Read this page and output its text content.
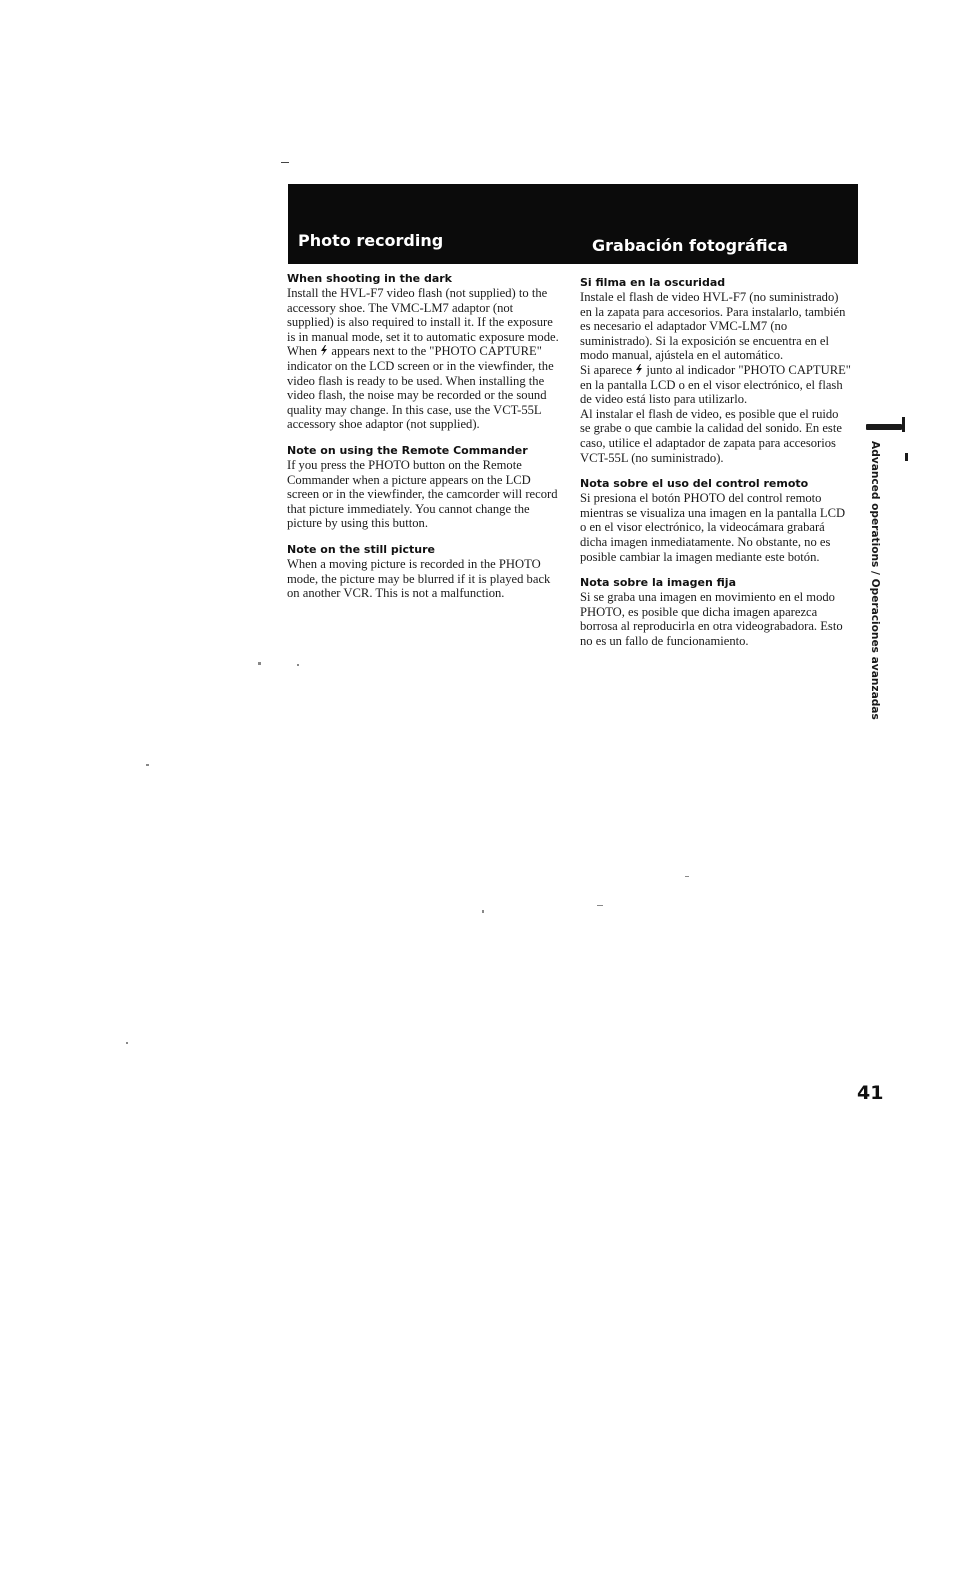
Photo recording	Grabación fotográfica

When shooting in the dark

Install the HVL-F7 video flash (not supplied) to the accessory shoe. The VMC-LM7 adaptor (not supplied) is also required to install it. If the exposure is in manual mode, set it to automatic exposure mode.

When appears next to the "PHOTO CAPTURE" indicator on the LCD screen or in the viewfinder, the video flash is ready to be used. When installing the video flash, the noise may be recorded or the sound quality may change. In this case, use the VCT-55L accessory shoe adaptor (not supplied).

Note on using the Remote Commander

If you press the PHOTO button on the Remote Commander when a picture appears on the LCD screen or in the viewfinder, the camcorder will record that picture immediately. You cannot change the picture by using this button.

Note on the still picture

When a moving picture is recorded in the PHOTO mode, the picture may be blurred if it is played back on another VCR. This is not a malfunction.

Si filma en la oscuridad

Instale el flash de video HVL-F7 (no suministrado) en la zapata para accesorios. Para instalarlo, también es necesario el adaptador VMC-LM7 (no suministrado). Si la exposición se encuentra en el modo manual, ajústela en el automático.

Si aparece junto al indicador "PHOTO CAPTURE" en la pantalla LCD o en el visor electrónico, el flash de video está listo para utilizarlo.

Al instalar el flash de video, es posible que el ruido se grabe o que cambie la calidad del sonido. En este caso, utilice el adaptador de zapata para accesorios VCT-55L (no suministrado).

Nota sobre el uso del control remoto

Si presiona el botón PHOTO del control remoto mientras se visualiza una imagen en la pantalla LCD o en el visor electrónico, la videocámara grabará dicha imagen inmediatamente. No obstante, no es posible cambiar la imagen mediante este botón.

Nota sobre la imagen fija

Si se graba una imagen en movimiento en el modo PHOTO, es posible que dicha imagen aparezca borrosa al reproducirla en otra videograbadora. Esto no es un fallo de funcionamiento.	Advanced operations / Operaciones avanzadas
41
